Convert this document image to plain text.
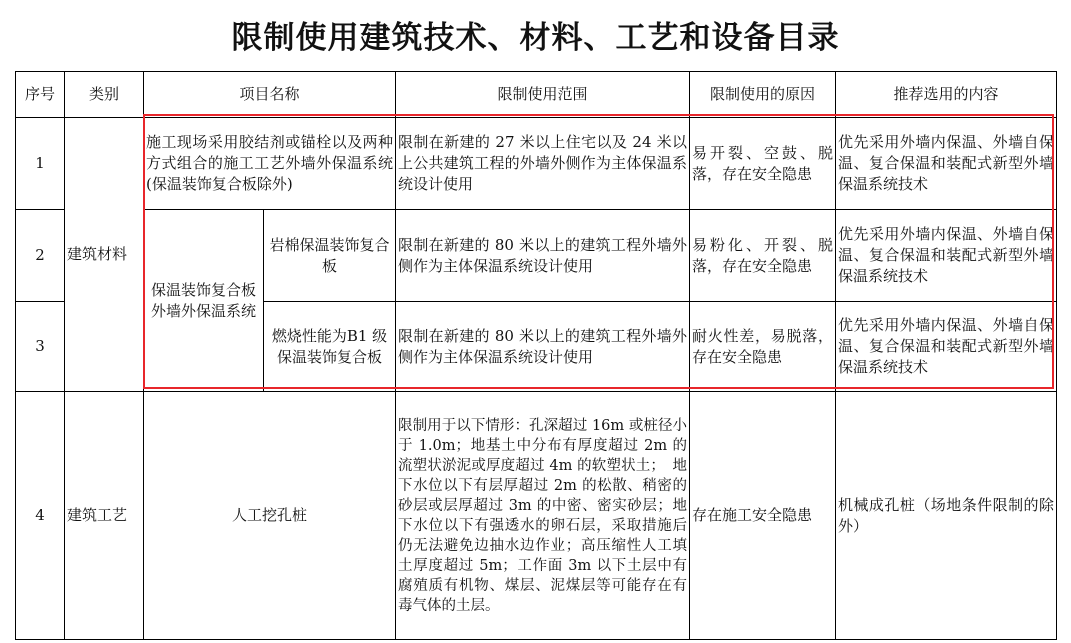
限制使用建筑技术、材料、工艺和设备目录
序号	类别	项目名称		限制使用范围	限制使用的原因	推荐选用的内容
1	建筑材料	施工现场采用胶结剂或锚栓以及两种方式组合的施工工艺外墙外保温系统(保温装饰复合板除外)		限制在新建的 27 米以上住宅以及 24 米以上公共建筑工程的外墙外侧作为主体保温系统设计使用	易开裂、空鼓、脱落，存在安全隐患	优先采用外墙内保温、外墙自保温、复合保温和装配式新型外墙保温系统技术
2		保温装饰复合板外墙外保温系统	岩棉保温装饰复合板	限制在新建的 80 米以上的建筑工程外墙外侧作为主体保温系统设计使用	易粉化、开裂、脱落，存在安全隐患	优先采用外墙内保温、外墙自保温、复合保温和装配式新型外墙保温系统技术
3			燃烧性能为B1 级保温装饰复合板	限制在新建的 80 米以上的建筑工程外墙外侧作为主体保温系统设计使用	耐火性差，易脱落，存在安全隐患	优先采用外墙内保温、外墙自保温、复合保温和装配式新型外墙保温系统技术
4	建筑工艺	人工挖孔桩		限制用于以下情形：孔深超过 16m 或桩径小于 1.0m；地基土中分布有厚度超过 2m 的流塑状淤泥或厚度超过 4m 的软塑状土；　地下水位以下有层厚超过 2m 的松散、稍密的砂层或层厚超过 3m 的中密、密实砂层；地下水位以下有强透水的卵石层，采取措施后仍无法避免边抽水边作业；高压缩性人工填土厚度超过 5m；工作面 3m 以下土层中有腐殖质有机物、煤层、泥煤层等可能存在有毒气体的土层。	存在施工安全隐患	机械成孔桩（场地条件限制的除外）
